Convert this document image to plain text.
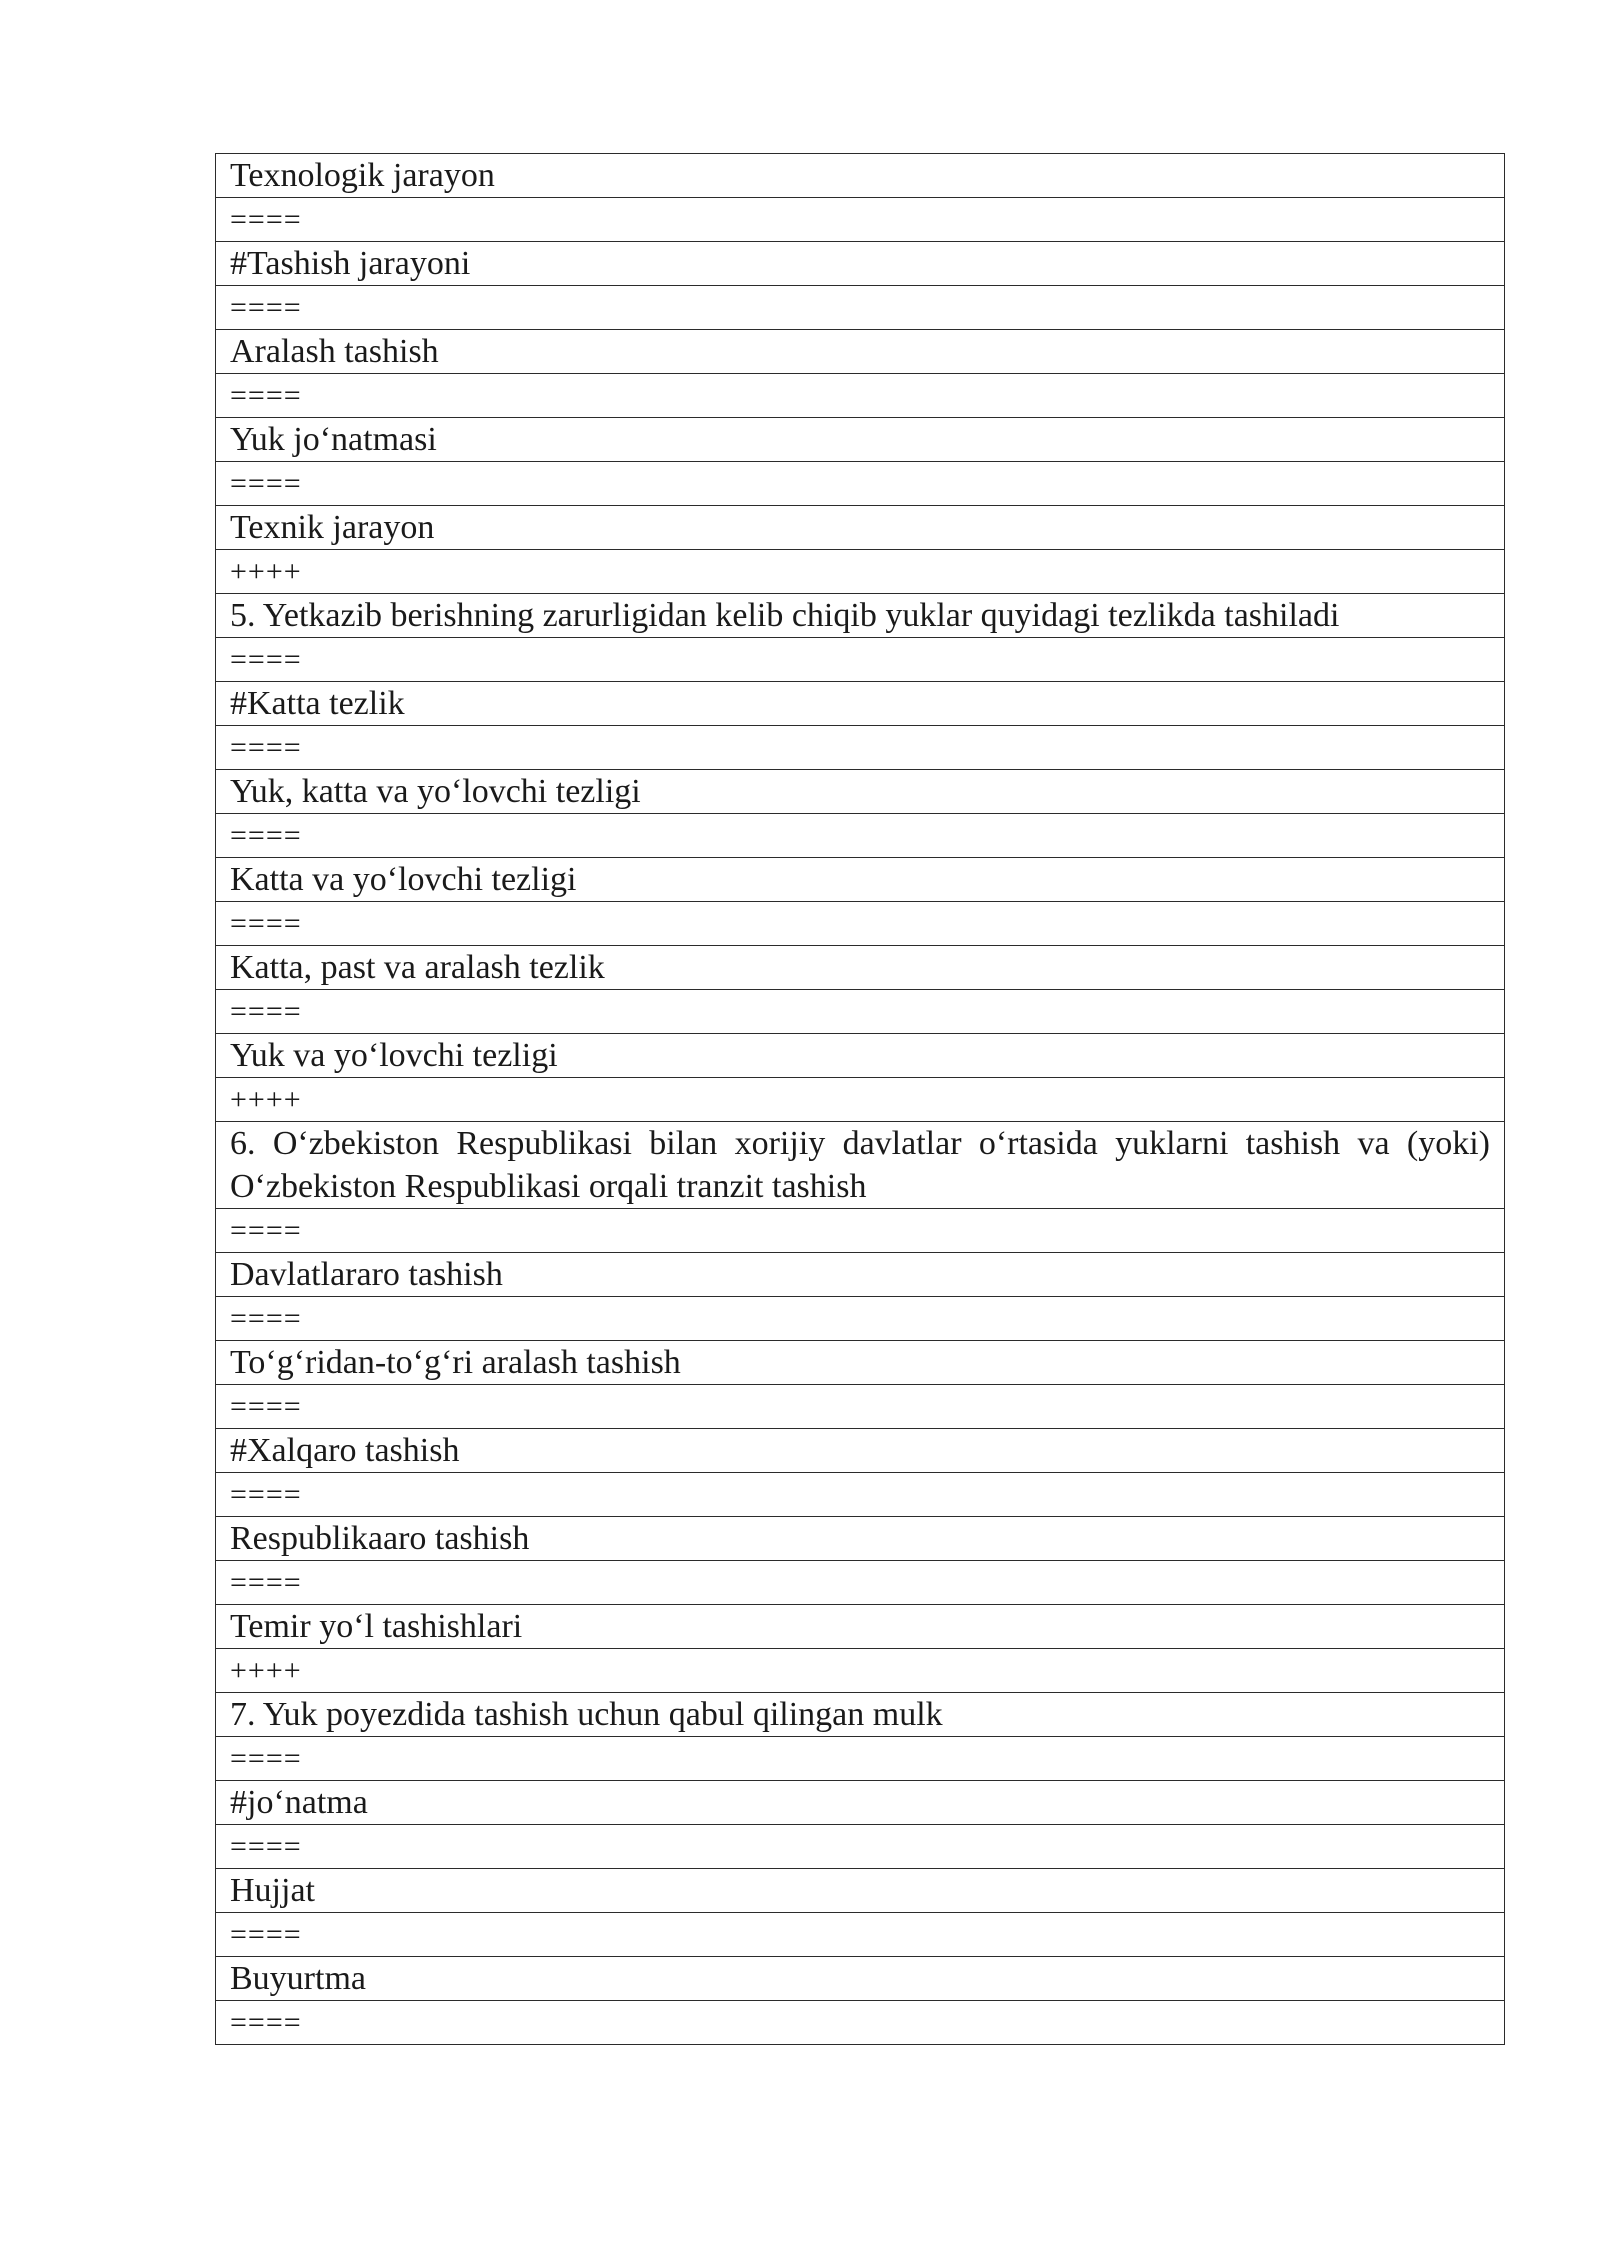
Texnologik jarayon
====
#Tashish jarayoni
====
Aralash tashish
====
Yuk jo‘natmasi
====
Texnik jarayon
++++
5. Yetkazib berishning zarurligidan kelib chiqib yuklar quyidagi tezlikda tashiladi
====
#Katta tezlik
====
Yuk, katta va yo‘lovchi tezligi
====
Katta va yo‘lovchi tezligi
====
Katta, past va aralash tezlik
====
Yuk va yo‘lovchi tezligi
++++
6. O‘zbekiston Respublikasi bilan xorijiy davlatlar o‘rtasida yuklarni tashish va (yoki) O‘zbekiston Respublikasi orqali tranzit tashish
====
Davlatlararo tashish
====
To‘g‘ridan-to‘g‘ri aralash tashish
====
#Xalqaro tashish
====
Respublikaaro tashish
====
Temir yo‘l tashishlari
++++
7. Yuk poyezdida tashish uchun qabul qilingan mulk
====
#jo‘natma
====
Hujjat
====
Buyurtma
====
